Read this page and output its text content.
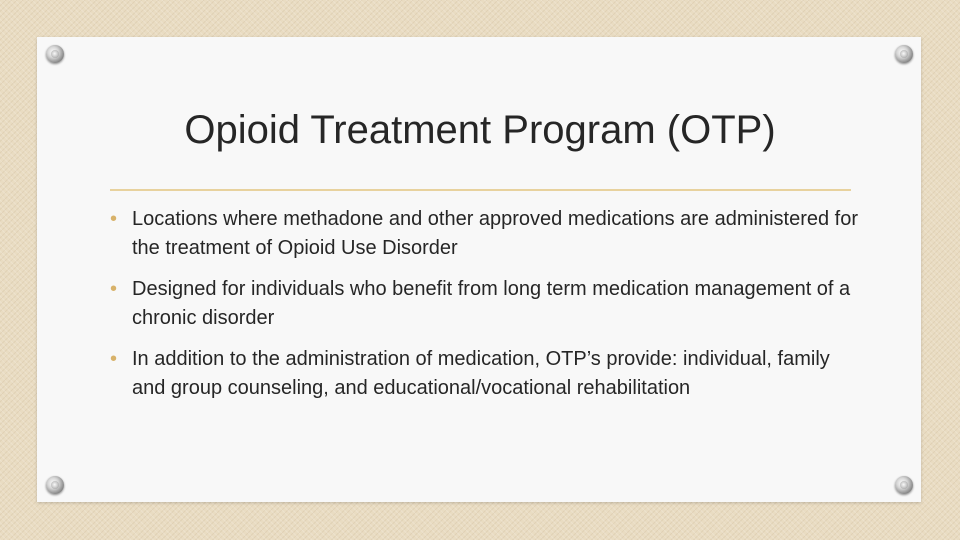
Opioid Treatment Program (OTP)
• Locations where methadone and other approved medications are administered for the treatment of Opioid Use Disorder
• Designed for individuals who benefit from long term medication management of a chronic disorder
• In addition to the administration of medication, OTP’s provide: individual, family and group counseling, and educational/vocational rehabilitation
